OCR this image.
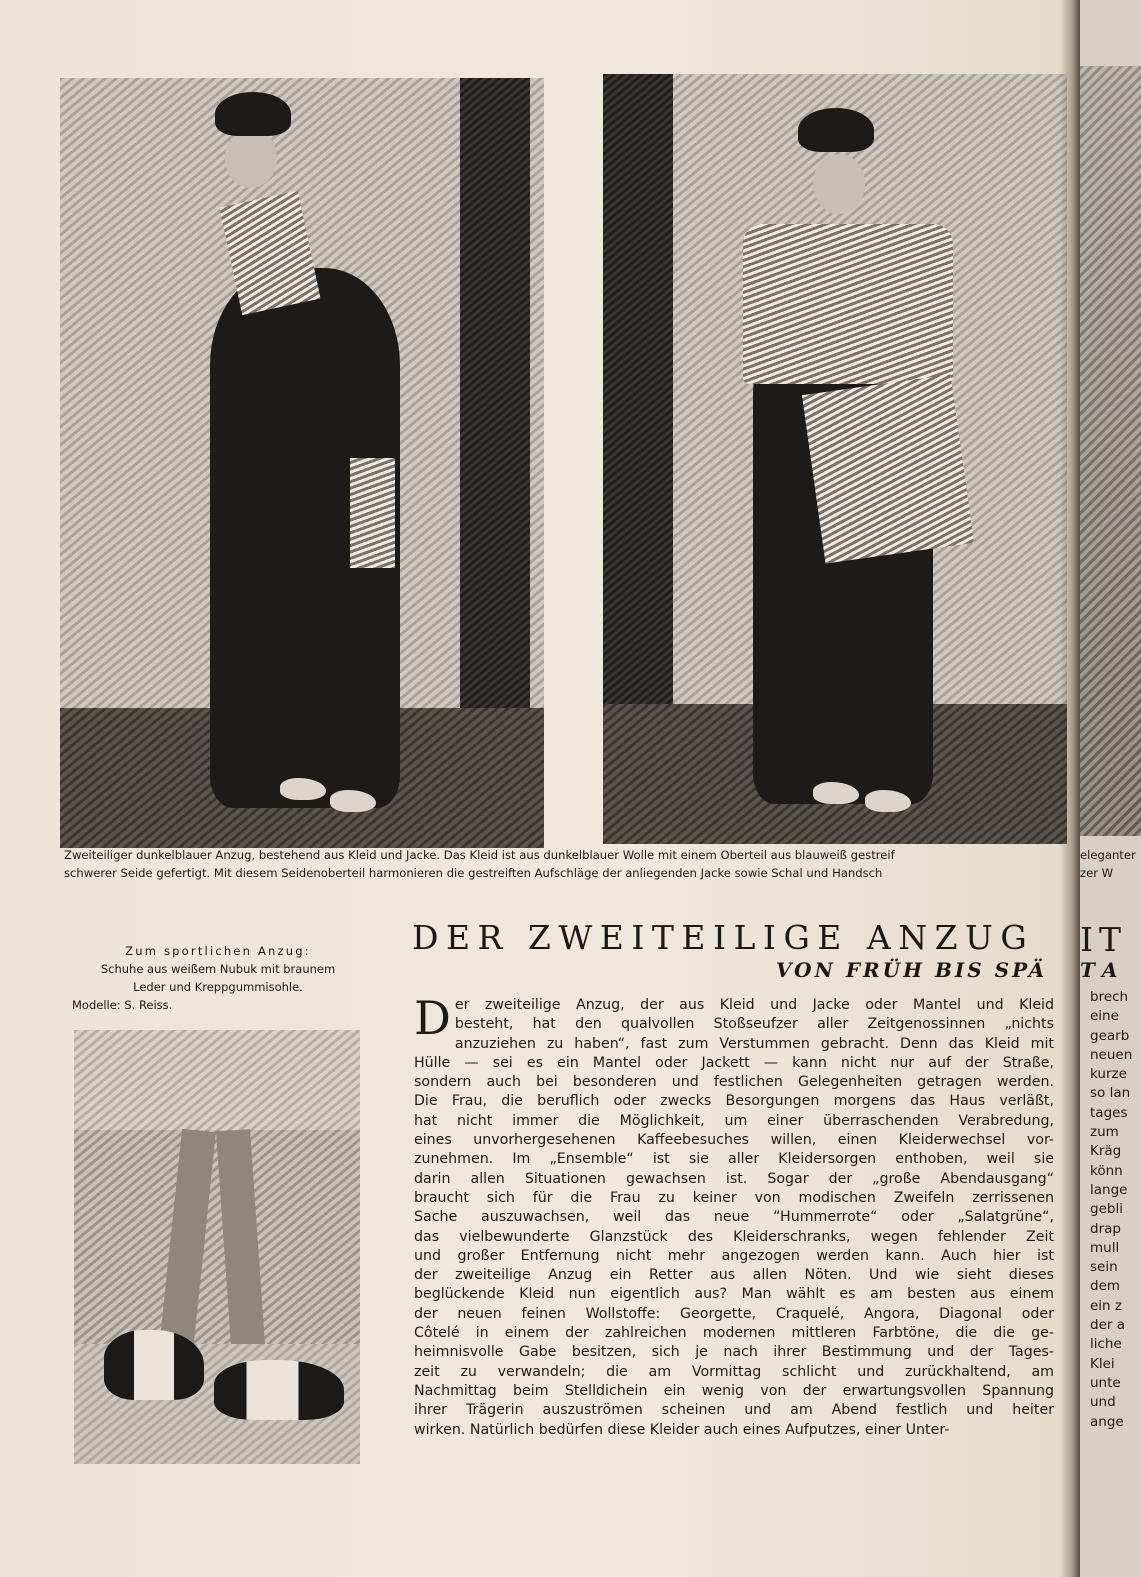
Zweiteiliger dunkelblauer Anzug, bestehend aus Kleid und Jacke. Das Kleid ist aus dunkelblauer Wolle mit einem Oberteil aus blauweiß gestreif
schwerer Seide gefertigt. Mit diesem Seidenoberteil harmonieren die gestreiften Aufschläge der anliegenden Jacke sowie Schal und Handsch
Zum sportlichen Anzug:
Schuhe aus weißem Nubuk mit braunem
Leder und Kreppgummisohle.
Modelle: S. Reiss.
DER ZWEITEILIGE ANZUG
VON FRÜH BIS SPÄ
D er zweiteilige Anzug, der aus Kleid und Jacke oder Mantel und Kleid
besteht, hat den qualvollen Stoßseufzer aller Zeitgenossinnen „nichts
anzuziehen zu haben“, fast zum Verstummen gebracht. Denn das Kleid mit
Hülle — sei es ein Mantel oder Jackett — kann nicht nur auf der Straße,
sondern auch bei besonderen und festlichen Gelegenheiten getragen werden.
Die Frau, die beruflich oder zwecks Besorgungen morgens das Haus verläßt,
hat nicht immer die Möglichkeit, um einer überraschenden Verabredung,
eines unvorhergesehenen Kaffeebesuches willen, einen Kleiderwechsel vor-
zunehmen. Im „Ensemble“ ist sie aller Kleidersorgen enthoben, weil sie
darin allen Situationen gewachsen ist. Sogar der „große Abendausgang“
braucht sich für die Frau zu keiner von modischen Zweifeln zerrissenen
Sache auszuwachsen, weil das neue “Hummerrote“ oder „Salatgrüne“,
das vielbewunderte Glanzstück des Kleiderschranks, wegen fehlender Zeit
und großer Entfernung nicht mehr angezogen werden kann. Auch hier ist
der zweiteilige Anzug ein Retter aus allen Nöten. Und wie sieht dieses
beglückende Kleid nun eigentlich aus? Man wählt es am besten aus einem
der neuen feinen Wollstoffe: Georgette, Craquelé, Angora, Diagonal oder
Côtelé in einem der zahlreichen modernen mittleren Farbtöne, die die ge-
heimnisvolle Gabe besitzen, sich je nach ihrer Bestimmung und der Tages-
zeit zu verwandeln; die am Vormittag schlicht und zurückhaltend, am
Nachmittag beim Stelldichein ein wenig von der erwartungsvollen Spannung
ihrer Trägerin auszuströmen scheinen und am Abend festlich und heiter
wirken. Natürlich bedürfen diese Kleider auch eines Aufputzes, einer Unter-
eleganter
zer W
IT
T A
brech
eine
gearb
neuen
kurze
so lan
tages
zum
Kräg
könn
lange
gebli
drap
mull
sein
dem
ein z
der a
liche
Klei
unte
und
ange
